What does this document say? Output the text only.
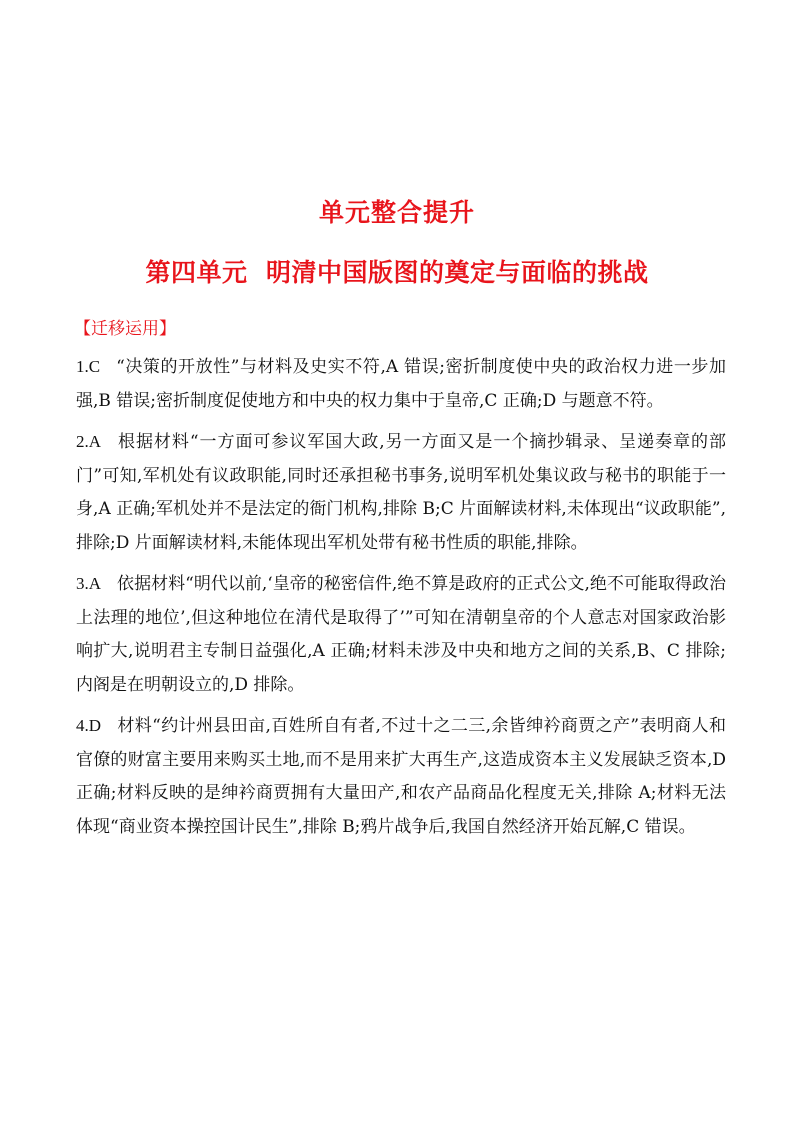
单元整合提升
第四单元  明清中国版图的奠定与面临的挑战
【迁移运用】

1.C “决策的开放性”与材料及史实不符,A 错误;密折制度使中央的政治权力进一步加强,B 错误;密折制度促使地方和中央的权力集中于皇帝,C 正确;D 与题意不符。

2.A 根据材料“一方面可参议军国大政,另一方面又是一个摘抄辑录、呈递奏章的部门”可知,军机处有议政职能,同时还承担秘书事务,说明军机处集议政与秘书的职能于一身,A 正确;军机处并不是法定的衙门机构,排除 B;C 片面解读材料,未体现出“议政职能”,排除;D 片面解读材料,未能体现出军机处带有秘书性质的职能,排除。

3.A 依据材料“明代以前,‘皇帝的秘密信件,绝不算是政府的正式公文,绝不可能取得政治上法理的地位’,但这种地位在清代是取得了’”可知在清朝皇帝的个人意志对国家政治影响扩大,说明君主专制日益强化,A 正确;材料未涉及中央和地方之间的关系,B、C 排除;内阁是在明朝设立的,D 排除。

4.D 材料“约计州县田亩,百姓所自有者,不过十之二三,余皆绅衿商贾之产”表明商人和官僚的财富主要用来购买土地,而不是用来扩大再生产,这造成资本主义发展缺乏资本,D 正确;材料反映的是绅衿商贾拥有大量田产,和农产品商品化程度无关,排除 A;材料无法体现“商业资本操控国计民生”,排除 B;鸦片战争后,我国自然经济开始瓦解,C 错误。
